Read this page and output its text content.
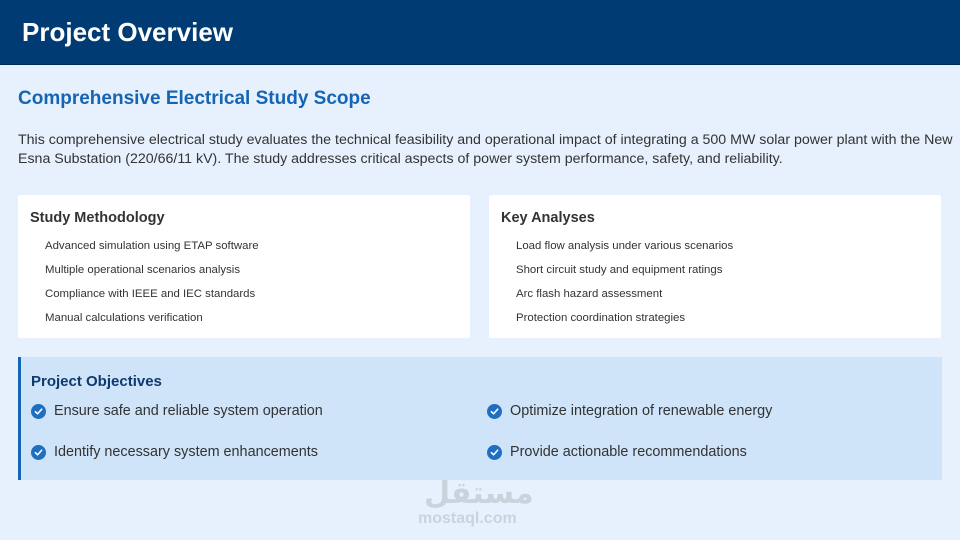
Project Overview
Comprehensive Electrical Study Scope

This comprehensive electrical study evaluates the technical feasibility and operational impact of integrating a 500 MW solar power plant with the New Esna Substation (220/66/11 kV). The study addresses critical aspects of power system performance, safety, and reliability.

Study Methodology
Advanced simulation using ETAP software
Multiple operational scenarios analysis
Compliance with IEEE and IEC standards
Manual calculations verification
Key Analyses
Load flow analysis under various scenarios
Short circuit study and equipment ratings
Arc flash hazard assessment
Protection coordination strategies
Project Objectives
Ensure safe and reliable system operation	Optimize integration of renewable energy
Identify necessary system enhancements	Provide actionable recommendations
مستقل
mostaql.com
